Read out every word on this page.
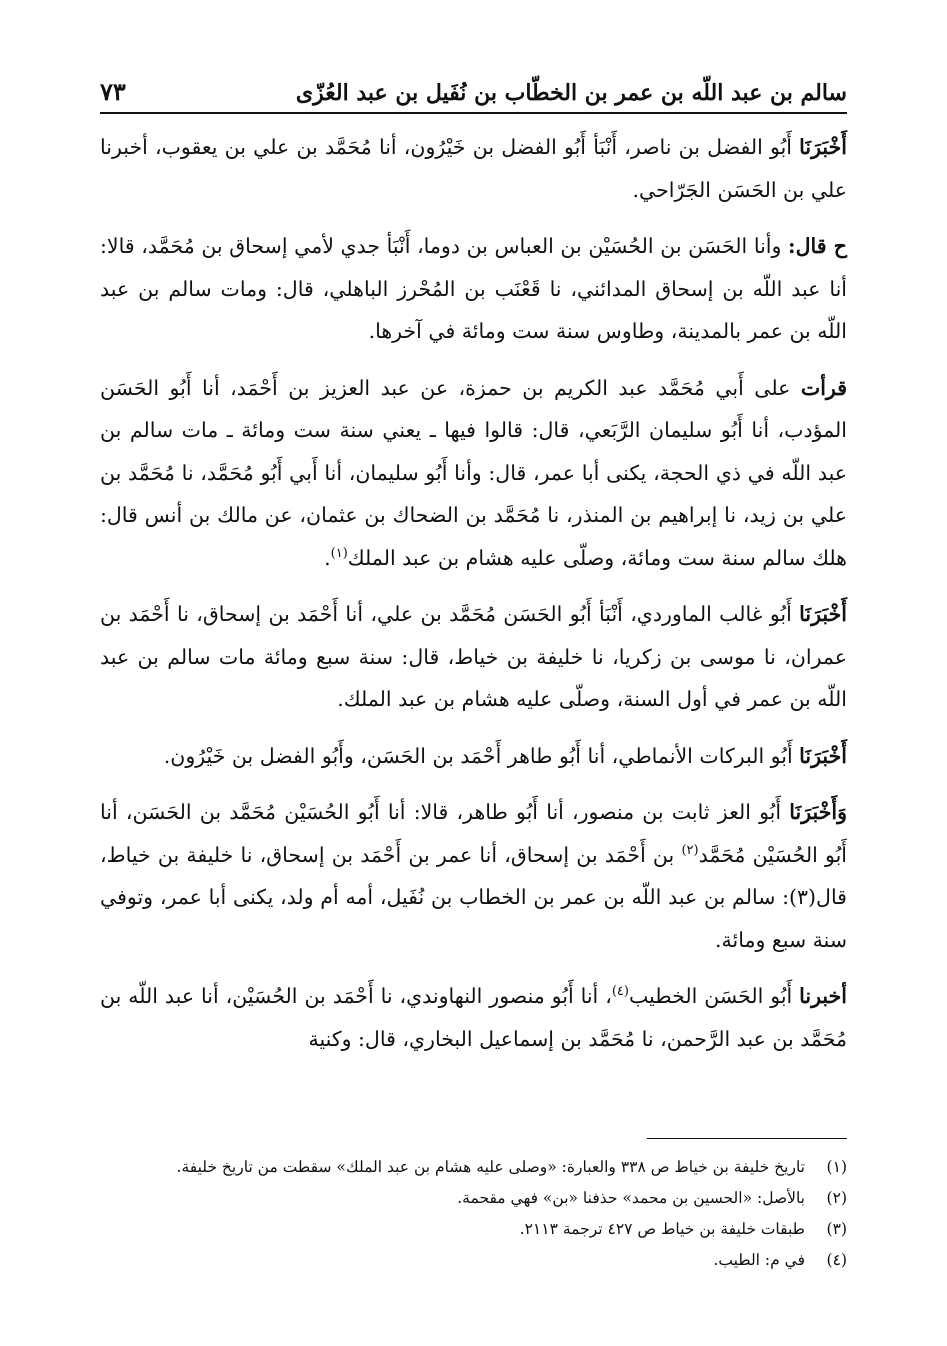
سالم بن عبد اللّه بن عمر بن الخطّاب بن نُفَيل بن عبد العُزّى
٧٣

أَخْبَرَنَا أَبُو الفضل بن ناصر، أَنْبَأ أَبُو الفضل بن خَيْرُون، أنا مُحَمَّد بن علي بن يعقوب، أخبرنا علي بن الحَسَن الجَرّاحي.

ح قال: وأنا الحَسَن بن الحُسَيْن بن العباس بن دوما، أَنْبَأ جدي لأمي إسحاق بن مُحَمَّد، قالا: أنا عبد اللّه بن إسحاق المدائني، نا قَعْنَب بن المُحْرز الباهلي، قال: ومات سالم بن عبد اللّه بن عمر بالمدينة، وطاوس سنة ست ومائة في آخرها.

قرأت على أَبي مُحَمَّد عبد الكريم بن حمزة، عن عبد العزيز بن أَحْمَد، أنا أَبُو الحَسَن المؤدب، أنا أَبُو سليمان الرَّبَعي، قال: قالوا فيها ـ يعني سنة ست ومائة ـ مات سالم بن عبد اللّه في ذي الحجة، يكنى أبا عمر، قال: وأنا أَبُو سليمان، أنا أَبي أَبُو مُحَمَّد، نا مُحَمَّد بن علي بن زيد، نا إبراهيم بن المنذر، نا مُحَمَّد بن الضحاك بن عثمان، عن مالك بن أنس قال: هلك سالم سنة ست ومائة، وصلّى عليه هشام بن عبد الملك$^{(١)}$.

أَخْبَرَنَا أَبُو غالب الماوردي، أَنْبَأ أَبُو الحَسَن مُحَمَّد بن علي، أنا أَحْمَد بن إسحاق، نا أَحْمَد بن عمران، نا موسى بن زكريا، نا خليفة بن خياط، قال: سنة سبع ومائة مات سالم بن عبد اللّه بن عمر في أول السنة، وصلّى عليه هشام بن عبد الملك.

أَخْبَرَنَا أَبُو البركات الأنماطي، أنا أَبُو طاهر أَحْمَد بن الحَسَن، وأَبُو الفضل بن خَيْرُون.

وَأَخْبَرَنَا أَبُو العز ثابت بن منصور، أنا أَبُو طاهر، قالا: أنا أَبُو الحُسَيْن مُحَمَّد بن الحَسَن، أنا أَبُو الحُسَيْن مُحَمَّد$^{(٢)}$ بن أَحْمَد بن إسحاق، أنا عمر بن أَحْمَد بن إسحاق، نا خليفة بن خياط، قال(٣): سالم بن عبد اللّه بن عمر بن الخطاب بن نُفَيل، أمه أم ولد، يكنى أبا عمر، وتوفي سنة سبع ومائة.

أخبرنا أَبُو الحَسَن الخطيب$^{(٤)}$، أنا أَبُو منصور النهاوندي، نا أَحْمَد بن الحُسَيْن، أنا عبد اللّه بن مُحَمَّد بن عبد الرَّحمن، نا مُحَمَّد بن إسماعيل البخاري، قال: وكنية

(١)
تاريخ خليفة بن خياط ص ٣٣٨ والعبارة: «وصلى عليه هشام بن عبد الملك» سقطت من تاريخ خليفة.
(٢)
بالأصل: «الحسين بن محمد» حذفنا «بن» فهي مقحمة.
(٣)
طبقات خليفة بن خياط ص ٤٢٧ ترجمة ٢١١٣.
(٤)
في م: الطيب.
